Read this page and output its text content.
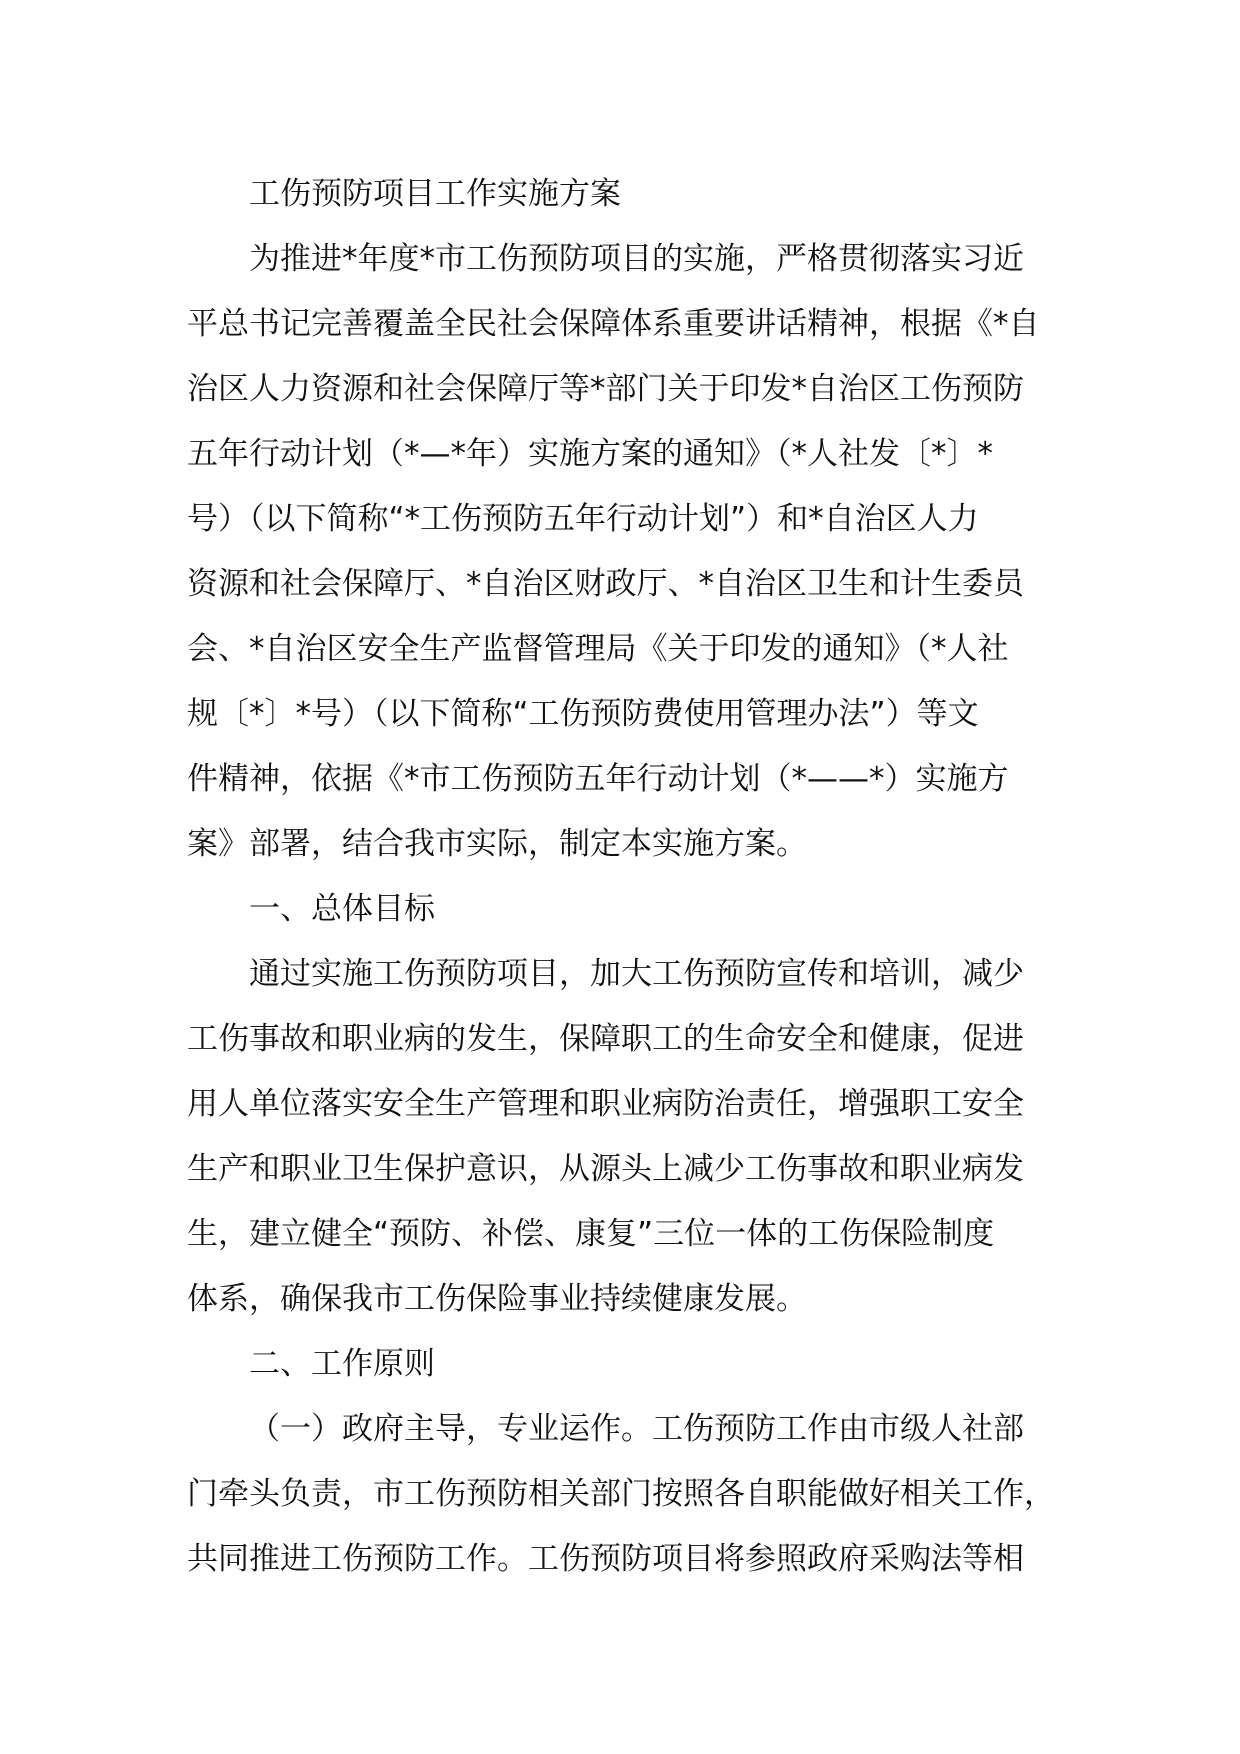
工伤预防项目工作实施方案
为推进*年度*市工伤预防项目的实施，严格贯彻落实习近
平总书记完善覆盖全民社会保障体系重要讲话精神，根据《*自
治区人力资源和社会保障厅等*部门关于印发*自治区工伤预防
五年行动计划（*—*年）实施方案的通知》（*人社发〔*〕*
号）（以下简称“*工伤预防五年行动计划”）和*自治区人力
资源和社会保障厅、*自治区财政厅、*自治区卫生和计生委员
会、*自治区安全生产监督管理局《关于印发的通知》（*人社
规〔*〕*号）（以下简称“工伤预防费使用管理办法”）等文
件精神，依据《*市工伤预防五年行动计划（*——*）实施方
案》部署，结合我市实际，制定本实施方案。
一、总体目标
通过实施工伤预防项目，加大工伤预防宣传和培训，减少
工伤事故和职业病的发生，保障职工的生命安全和健康，促进
用人单位落实安全生产管理和职业病防治责任，增强职工安全
生产和职业卫生保护意识，从源头上减少工伤事故和职业病发
生，建立健全“预防、补偿、康复”三位一体的工伤保险制度
体系，确保我市工伤保险事业持续健康发展。
二、工作原则
（一）政府主导，专业运作。工伤预防工作由市级人社部
门牵头负责，市工伤预防相关部门按照各自职能做好相关工作，
共同推进工伤预防工作。工伤预防项目将参照政府采购法等相
